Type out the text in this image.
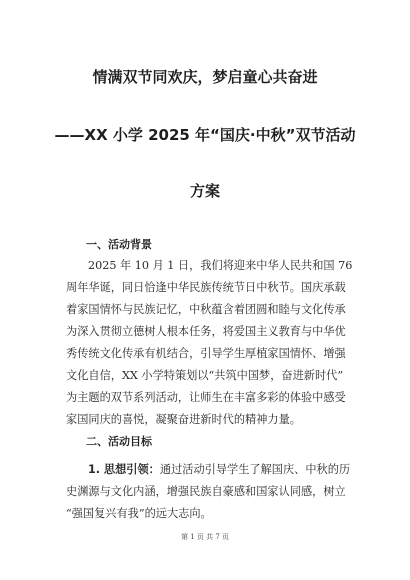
情满双节同欢庆，梦启童心共奋进
——XX 小学 2025 年“国庆·中秋”双节活动
方案
一、活动背景
2025 年 10 月 1 日，我们将迎来中华人民共和国 76
周年华诞，同日恰逢中华民族传统节日中秋节。国庆承载
着家国情怀与民族记忆，中秋蕴含着团圆和睦与文化传承
为深入贯彻立德树人根本任务，将爱国主义教育与中华优
秀传统文化传承有机结合，引导学生厚植家国情怀、增强
文化自信，XX 小学特策划以“共筑中国梦，奋进新时代”
为主题的双节系列活动，让师生在丰富多彩的体验中感受
家国同庆的喜悦，凝聚奋进新时代的精神力量。
二、活动目标
1. 思想引领：通过活动引导学生了解国庆、中秋的历
史渊源与文化内涵，增强民族自豪感和国家认同感，树立
“强国复兴有我”的远大志向。
第 1 页 共 7 页
